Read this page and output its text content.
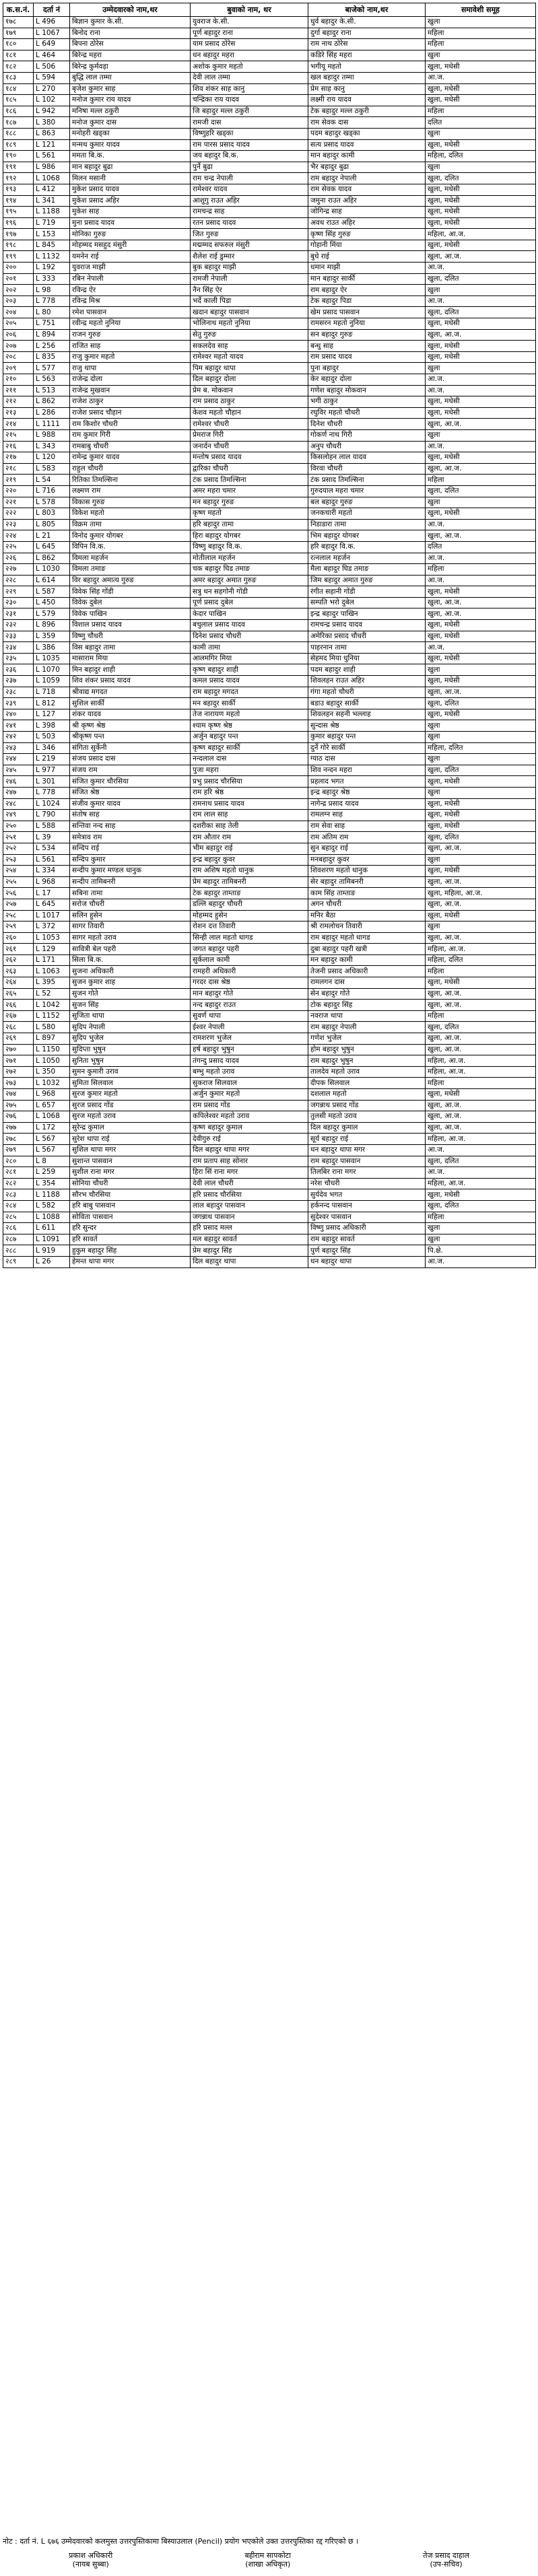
क.स.नं.	दर्ता नं	उम्मेदवारको नाम,थर	बुवाको नाम, थर	बाजेको नाम,थर	समावेशी समूह
१७८	L 496	बिज्ञान कुमार के.सी.	युवराज के.सी.	धुर्व बहादुर के.सी.	खुला
१७९	L 1067	बिनोद राना	पूर्ण बहादुर राना	दुर्गा बहादुर राना	महिला
१८०	L 649	बिपना ठोरेस	याम प्रसाद ठोरेस	राम नाथ ठोरेस	महिला
१८१	L 464	बिरेन्द्र महरा	धन बहादुर महरा	कडिरे सिंह महरा	खुला
१८२	L 506	बिरेन्द्र कुर्मवड़ा	अशोक कुमार महतो	भगीयू महतो	खुला, मधेसी
१८३	L 594	बुद्धि लाल तम्मा	देवी लाल तम्मा	खल बहादुर तम्मा	आ.ज.
१८४	L 270	बृजेश कुमार साह	शिव शंकर साह कानु	प्रेम साह कानु	खुला, मधेसी
१८५	L 102	मनोज कुमार राय यादव	चन्द्रिका राय यादव	लक्ष्मी राय यादव	खुला, मधेसी
१८६	L 942	मनिषा मल्ल ठकुरी	जि बहादुर मल्ल ठकुरी	टेक बहादुर मल्ल ठकुरी	महिला
१८७	L 380	मनोज कुमार दास	रामजी दास	राम सेवक दास	दलित
१८८	L 863	मनोहरी खड्का	विष्णुहरि खड्का	पदम बहादुर खड्का	खुला
१८९	L 121	मन्मथ कुमार यादव	राम पारस प्रसाद यादव	सत्य प्रसाद यादव	खुला, मधेसी
१९०	L 561	ममता बि.क.	जय बहादुर बि.क.	मान बहादुर कामी	महिला, दलित
१९१	L 986	मान बहादुर बुढा	पुर्ने बुढा	भैर बहादुर बुढा	खुला
१९२	L 1068	मिलन मसानी	राम चन्द्र नेपाली	राम बहादुर नेपाली	खुला, दलित
१९३	L 412	मुकेश प्रसाद यादव	रामेश्वर यादव	राम सेवक यादव	खुला, मधेसी
१९४	L 341	मुकेश प्रसाद अहिर	आशुगु राउत अहिर	जमुना राउत अहिर	खुला, मधेसी
१९५	L 1188	मुकेश साह	रामचन्द्र साह	जोगिन्द्र साह	खुला, मधेसी
१९६	L 719	मुना प्रसाद यादव	रतन प्रसाद यादव	अवध राउत अहिर	खुला, मधेसी
१९७	L 153	मोनिका गुरुङ	जित गुरुङ	कृष्ण सिंह गुरुङ	महिला, आ.ज.
१९८	L 845	मोहम्मद मसहुद मंसुरी	मद्मम्मद सफरुल मंसुरी	गोहानी मिंया	खुला, मधेसी
१९९	L 1132	यमनेन राई	शैलेश राई डुम्मार	बुधे राई	खुला, आ.ज.
२००	L 192	युवराज माझी	बुक बहादुर माझी	धमान माझी	आ.ज.
२०१	L 333	रबिन नेपाली	रामजी नेपाली	मान बहादुर सार्की	खुला, दलित
२०२	L 98	रविन्द्र ऐर	नैन सिंह ऐर	राम बहादुर ऐर	खुला
२०३	L 778	रविन्द्र मिश्र	भर्दे काली पिडा	टेक बहादुर पिडा	आ.ज.
२०४	L 80	रमेश पासवान	खदान बहादुर पासवान	खेम प्रसाद पासवान	खुला, दलित
२०५	L 751	रवीन्द्र महतो नुनिया	भोलिनाथ महतो नुनिया	रामसरन महतो नुनिया	खुला, मधेसी
२०६	L 894	राजन गुरुङ	सेतु गुरुङ	सन बहादुर गुरुङ	खुला, आ.ज.
२०७	L 256	राजित साह	सकलदेव साह	बन्धु साह	खुला, मधेसी
२०८	L 835	राजु कुमार महतो	रामेश्वर महतो यादव	राम प्रसाद यादव	खुला, मधेसी
२०९	L 577	राजु थापा	पिम बहादुर थापा	पुना बहादुर	खुला
२१०	L 563	राजेन्द्र दोला	दिल बहादुर दोला	केर बहादुर दोला	आ.ज.
२११	L 513	राजेन्द्र मुखवान	प्रेम ब. मोकवान	गणेश बहादुर मोकवान	आ.ज.
२१२	L 862	राजेश ठाकुर	राम प्रसाद ठाकुर	भगी ठाकुर	खुला, मधेसी
२१३	L 286	राजेश प्रसाद चौहान	केशव महतो चौहान	रघुविर महतो चौधरी	खुला, मधेसी
२१४	L 1111	राम किशोर चौधरी	रामेश्वर चौधरी	दिनेश चौधरी	खुला, आ.ज.
२१५	L 988	राम कुमार गिरी	प्रेमराज गिरी	गोकर्ण नाथ गिरी	खुला
२१६	L 343	रामबाबु चौधरी	जनार्दन चौधरी	अनुप चौधरी	आ.ज.
२१७	L 120	रामेन्द्र कुमार यादव	मन्तोष प्रसाद यादव	किसलोहन लाल यादव	खुला, मधेसी
२१८	L 583	राहुल चौधरी	द्वारिका चौधरी	विरवा चौधरी	खुला, आ.ज.
२१९	L 54	रितिका तिमल्सिना	टंक प्रसाद तिमल्सिना	टंक प्रसाद तिमल्सिना	महिला
२२०	L 716	लक्ष्मण राम	अमर महरा चमार	गुरुदयाल महरा चमार	खुला, दलित
२२१	L 578	विकास गुरुङ	मन बहादुर गुरुङ	बल बहादुर गुरुङ	खुला
२२२	L 803	विकेश महतो	कृष्ण महतो	जनकचारी महतो	खुला, मधेसी
२२३	L 805	विक्रम तामा	हरि बहादुर तामा	निडाडारा तामा	आ.ज.
२२४	L 21	विनोद कुमार योगबर	हिरा बहादुर योगबर	भिम बहादुर योगबर	खुला, आ.ज.
२२५	L 645	विपिन वि.क.	विष्णु बहादुर वि.क.	हरि बहादुर वि.क.	दलित
२२६	L 862	विमला महर्जन	मोतीलाल महर्जन	रत्नलाल महर्जन	आ.ज.
२२७	L 1030	विमला तमाङ	चक बहादुर घिड तमाङ	मैला बहादुर घिड तमाङ	महिला
२२८	L 614	विर बहादुर अमात्य गुरुङ	अमर बहादुर अमात गुरुङ	जिम बहादुर अमात गुरुङ	आ.ज.
२२९	L 587	विवेक सिंह गोंडी	सत्रु धन सहगोनी गोंडी	रंगीत सहानी गोंडी	खुला, मधेसी
२३०	L 450	विवेक दुबेल	पूर्ण प्रसाद दुबेल	सम्पति भरो दुबेल	खुला, आ.ज.
२३१	L 579	विवेक पाखिन	केदार पाखिन	इन्द्र बहादुर पाखिन	खुला, आ.ज.
२३२	L 896	विशाल प्रसाद यादव	बचुलाल प्रसाद यादव	रामचन्द्र प्रसाद यादव	खुला, मधेसी
२३३	L 359	विष्णु चौधरी	दिनेश प्रसाद चौधरी	अमेरिका प्रसाद चौधरी	खुला, मधेसी
२३४	L 386	विस बहादुर तामा	कामी तामा	पाहरनान तामा	आ.ज.
२३५	L 1035	मासाराम मिया	आलमगिर मिया	सेहमद मिया धुनिया	खुला, मधेसी
२३६	L 1070	मिन बहादुर शाही	कृष्ण बहादुर शाही	पदम बहादुर शाही	खुला
२३७	L 1059	शिव शंकर प्रसाद यादव	कमल प्रसाद यादव	शिवलहन राउत अहिर	खुला, मधेसी
२३८	L 718	श्रीवाद्य मगदत	राम बहादुर मगदत	गंगा महतो चौधरी	खुला, आ.ज.
२३९	L 812	सुशिल सार्की	मन बहादुर सार्की	बडाउ बहादुर सार्की	खुला, दलित
२४०	L 127	शंकर यादव	तेज नारायण महतो	शिवलहन सहनी भल्लाह	खुला, मधेसी
२४१	L 398	श्री कृष्ण श्रेष्ठ	श्याम कृष्ण श्रेष्ठ	सुन्दास श्रेष्ठ	खुला
२४२	L 503	श्रीकृष्ण पन्त	अर्जुन बहादुर पन्त	कुमार बहादुर पन्त	खुला
२४३	L 346	संगिता सुर्केनी	कृष्ण बहादुर सार्की	दुर्ने गोरे सार्की	महिला, दलित
२४४	L 219	संजय प्रसाद दास	नन्दलाल दास	ग्याठ दास	खुला
२४५	L 977	संजय राम	पुजा महरा	शिव नन्दन महरा	खुला, दलित
२४६	L 301	संजित कुमार चौरसिया	प्रभु प्रसाद चौरसिया	प्रहलाद भगत	खुला, मधेसी
२४७	L 778	संजित श्रेष्ठ	राम हरि श्रेष्ठ	इन्द्र बहादुर श्रेष्ठ	खुला
२४८	L 1024	संजीव कुमार यादव	रामनाथ प्रसाद यादव	नागेन्द्र प्रसाद यादव	खुला, मधेसी
२४९	L 790	संतोष साह	राम लाल साह	रामलग्न साह	खुला, मधेसी
२५०	L 588	सन्तिवा नन्द साह	दशरीका साह तेली	राम सेवा साह	खुला, मधेसी
२५१	L 39	समेत्राव राम	राम औतार राम	राम अंतिम राम	खुला, दलित
२५२	L 534	सन्दिप राई	भीम बहादुर राई	सुन बहादुर राई	खुला, आ.ज.
२५३	L 561	सन्दिप कुमार	इन्द्र बहादुर कुवर	मनबहादुर कुवर	खुला
२५४	L 334	सन्दीप कुमार मण्डल धानुक	राम अशिष महतो धानुक	शिवशरण महतो धानुक	खुला, मधेसी
२५५	L 968	सन्दीप तामिबनरी	प्रेम बहादुर तामिबनरी	सेर बहादुर तामिबनरी	खुला, आ.ज.
२५६	L 17	सबिना तामा	टेक बहादुर ताम्ताङ	काम सिंह ताम्ताङ	खुला, महिला, आ.ज.
२५७	L 645	सरोज चौधरी	डल्लि बहादुर चौधरी	अगन चौधरी	खुला, आ.ज.
२५८	L 1017	सलिन हुसेन	मोहम्मद हुसेन	मनिर बैठा	खुला, मधेसी
२५९	L 372	सागर तिवारी	रोशन दत्त तिवारी	श्री रामलोचन तिवारी	खुला
२६०	L 1053	सागर महतो उराव	सिन्ही लाल महतो धागड	राम बहादुर महतो धागड	खुला, आ.ज.
२६१	L 129	सावित्री बेल पहरी	जगत बहादुर पहरी	दुबा बहादुर पहरी खत्री	महिला, आ.ज.
२६२	L 171	सिला बि.क.	सुर्कलाल कामी	मन बहादुर कामी	महिला, दलित
२६३	L 1063	सुजना अधिकारी	रामहरी अधिकारी	तेजनी प्रसाद अधिकारी	महिला
२६४	L 395	सुजन कुमार शाह	गरदर दास श्रेष्ठ	रामलगन दास	खुला, मधेसी
२६५	L 52	सुजन गोते	मान बहादुर गोते	सेन बहादुर गोते	खुला, आ.ज.
२६६	L 1042	सुजन सिंह	नन्द बहादुर राउत	टोक बहादुर सिंह	खुला, आ.ज.
२६७	L 1152	सुजिता थापा	सुवर्ण थापा	नवराज थापा	महिला
२६८	L 580	सुदिप नेपाली	ईश्वर नेपाली	राम बहादुर नेपाली	खुला, दलित
२६९	L 897	सुदिप भुजेल	रामशरण भुजेल	गणेश भुजेल	खुला, आ.ज.
२७०	L 1150	सुदिप्ता भुषुन	हर्ष बहादुर भुषुन	होम बहादुर भुषुन	खुला, आ.ज.
२७१	L 1050	सुनिता भुषुन	तंगन्दु प्रसाद यादव	राम बहादुर भुषुन	महिला, आ.ज.
२७२	L 350	सुमन कुमारी उराव	बम्भु महतो उराव	तालदेव महतो उराव	महिला, आ.ज.
२७३	L 1032	सुमिता सिलवाल	सुकराज सिलवाल	दीपक सिलवाल	महिला
२७४	L 968	सुरज कुमार महतो	अर्जुन कुमार महतो	दशलाल महतो	खुला, मधेसी
२७५	L 657	सुरज प्रसाद गोंड	राम प्रसाद गोंड	जगन्नाथ प्रसाद गोंड	खुला, आ.ज.
२७६	L 1068	सुरज महतो उराव	कपिलेश्वर महतो उराव	तुलसी महतो उराव	खुला, आ.ज.
२७७	L 172	सुरेन्द्र कुमाल	कृष्ण बहादुर कुमाल	दिल बहादुर कुमाल	खुला, आ.ज.
२७८	L 567	सुरेश थापा राई	देवीगुरु राई	सूर्य बहादुर राई	महिला, आ.ज.
२७९	L 567	सुशिल थापा मगर	दिल बहादुर थापा मगर	धन बहादुर थापा मगर	आ.ज.
२८०	L 8	सुशान्त पासवान	राम प्रताप साह सोनार	राम बहादुर पासवान	खुला, दलित
२८१	L 259	सुशील राना मगर	हिरा सिं राना मगर	तिलबिर राना मगर	आ.ज.
२८२	L 354	सोनिया चौधरी	देवी लाल चौधरी	नरेश चौधरी	महिला, आ.ज.
२८३	L 1188	सौरभ चौरसिया	हरि प्रसाद चौरसिया	सुर्यदेव भगत	खुला, मधेसी
२८४	L 582	हरि बाबु पासवान	लाल बहादुर पासवान	हर्कनन्द पासवान	खुला, दलित
२८५	L 1088	सोविता पासवान	जगन्नाथ पासवान	सुदेश्वर पासवान	महिला
२८६	L 611	हरि सुन्दर	हरि प्रसाद मल्ल	विष्णु प्रसाद अधिकारी	खुला
२८७	L 1091	हरि सावर्त	मल बहादुर सावर्त	राम बहादुर सावर्त	खुला
२८८	L 919	हुकुम बहादुर सिंह	प्रेम बहादुर सिंह	पुर्ण बहादुर सिंह	पि.क्षे.
२८९	L 26	हेमन्त थापा मगर	दिल बहादुर थापा	धन बहादुर थापा	आ.ज.
नोट : दर्ता नं. L ६७६ उम्मेदवारको कलमुस्त उत्तरपुस्तिकामा बिस्याउलाल (Pencil) प्रयोग भएकोले उक्त उत्तरपुस्तिका रद्द गरिएको छ ।
प्रकाश अधिकारी
(नायब सुब्बा)
बहीराम सापकोटा
(शाखा अधिकृत)
तेज प्रसाद दाहाल
(उप-सचिव)
